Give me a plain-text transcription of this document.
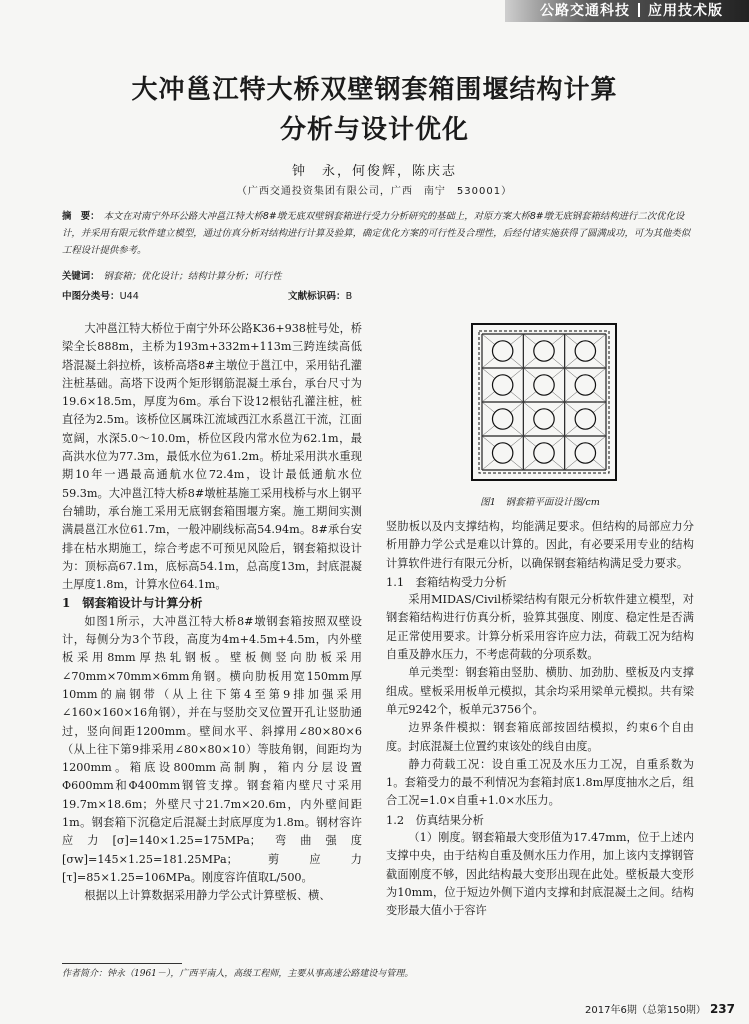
公路交通科技 应用技术版
大冲邕江特大桥双壁钢套箱围堰结构计算
分析与设计优化
钟　永，何俊辉，陈庆志
（广西交通投资集团有限公司，广西　南宁　530001）
摘　要： 本文在对南宁外环公路大冲邕江特大桥8#墩无底双壁钢套箱进行受力分析研究的基础上，对原方案大桥8#墩无底钢套箱结构进行二次优化设计，并采用有限元软件建立模型，通过仿真分析对结构进行计算及验算，确定优化方案的可行性及合理性，后经付诸实施获得了圆满成功，可为其他类似工程设计提供参考。
关键词： 钢套箱；优化设计；结构计算分析；可行性
中图分类号：U44	文献标识码：B

大冲邕江特大桥位于南宁外环公路K36+938桩号处，桥梁全长888m，主桥为193m+332m+113m三跨连续高低塔混凝土斜拉桥，该桥高塔8#主墩位于邕江中，采用钻孔灌注桩基础。高塔下设两个矩形钢筋混凝土承台，承台尺寸为19.6×18.5m，厚度为6m。承台下设12根钻孔灌注桩，桩直径为2.5m。该桥位区属珠江流域西江水系邕江干流，江面宽阔，水深5.0～10.0m，桥位区段内常水位为62.1m，最高洪水位为77.3m，最低水位为61.2m。桥址采用洪水重现期10年一遇最高通航水位72.4m，设计最低通航水位59.3m。大冲邕江特大桥8#墩桩基施工采用栈桥与水上钢平台辅助，承台施工采用无底钢套箱围堰方案。施工期间实测满晨邕江水位61.7m，一般冲刷线标高54.94m。8#承台安排在枯水期施工，综合考虑不可预见风险后，钢套箱拟设计为：顶标高67.1m，底标高54.1m，总高度13m，封底混凝土厚度1.8m，计算水位64.1m。

1　钢套箱设计与计算分析

如图1所示，大冲邕江特大桥8#墩钢套箱按照双壁设计，每侧分为3个节段，高度为4m+4.5m+4.5m，内外壁板采用8mm厚热轧钢板。壁板侧竖向肋板采用∠70mm×70mm×6mm角钢。横向肋板用宽150mm厚10mm的扁钢带（从上往下第4至第9排加强采用∠160×160×16角钢），并在与竖肋交叉位置开孔让竖肋通过，竖向间距1200mm。壁间水平、斜撑用∠80×80×6（从上往下第9排采用∠80×80×10）等肢角钢，间距均为1200mm。箱底设800mm高制胸，箱内分层设置Φ600mm和Φ400mm钢管支撑。钢套箱内壁尺寸采用19.7m×18.6m；外壁尺寸21.7m×20.6m，内外壁间距1m。钢套箱下沉稳定后混凝土封底厚度为1.8m。钢材容许应力[σ]=140×1.25=175MPa；弯曲强度[σw]=145×1.25=181.25MPa；剪应力[τ]=85×1.25=106MPa。刚度容许值取L/500。

根据以上计算数据采用静力学公式计算壁板、横、

图1　钢套箱平面设计图/cm

竖肋板以及内支撑结构，均能满足要求。但结构的局部应力分析用静力学公式是难以计算的。因此，有必要采用专业的结构计算软件进行有限元分析，以确保钢套箱结构满足受力要求。

1.1　套箱结构受力分析

采用MIDAS/Civil桥梁结构有限元分析软件建立模型，对钢套箱结构进行仿真分析，验算其强度、刚度、稳定性是否满足正常使用要求。计算分析采用容许应力法，荷载工况为结构自重及静水压力，不考虑荷载的分项系数。

单元类型：钢套箱由竖肋、横肋、加劲肋、壁板及内支撑组成。壁板采用板单元模拟，其余均采用梁单元模拟。共有梁单元9242个，板单元3756个。

边界条件模拟：钢套箱底部按固结模拟，约束6个自由度。封底混凝土位置约束该处的线自由度。

静力荷载工况：设自重工况及水压力工况，自重系数为1。套箱受力的最不利情况为套箱封底1.8m厚度抽水之后，组合工况=1.0×自重+1.0×水压力。

1.2　仿真结果分析

（1）刚度。钢套箱最大变形值为17.47mm，位于上述内支撑中央，由于结构自重及侧水压力作用，加上该内支撑钢管截面刚度不够，因此结构最大变形出现在此处。壁板最大变形为10mm，位于短边外侧下道内支撑和封底混凝土之间。结构变形最大值小于容许

作者简介：钟永（1961－），广西平南人，高级工程师，主要从事高速公路建设与管理。
2017年6期（总第150期） 237
